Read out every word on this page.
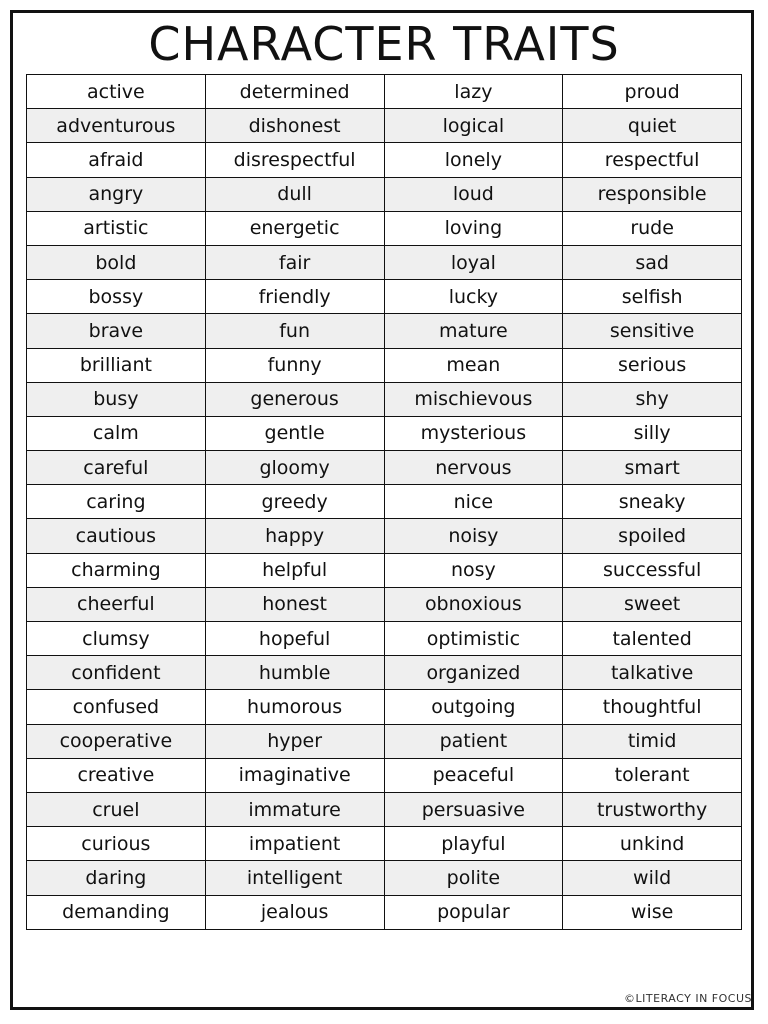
CHARACTER TRAITS
active	determined	lazy	proud
adventurous	dishonest	logical	quiet
afraid	disrespectful	lonely	respectful
angry	dull	loud	responsible
artistic	energetic	loving	rude
bold	fair	loyal	sad
bossy	friendly	lucky	selfish
brave	fun	mature	sensitive
brilliant	funny	mean	serious
busy	generous	mischievous	shy
calm	gentle	mysterious	silly
careful	gloomy	nervous	smart
caring	greedy	nice	sneaky
cautious	happy	noisy	spoiled
charming	helpful	nosy	successful
cheerful	honest	obnoxious	sweet
clumsy	hopeful	optimistic	talented
confident	humble	organized	talkative
confused	humorous	outgoing	thoughtful
cooperative	hyper	patient	timid
creative	imaginative	peaceful	tolerant
cruel	immature	persuasive	trustworthy
curious	impatient	playful	unkind
daring	intelligent	polite	wild
demanding	jealous	popular	wise
©LITERACY IN FOCUS
